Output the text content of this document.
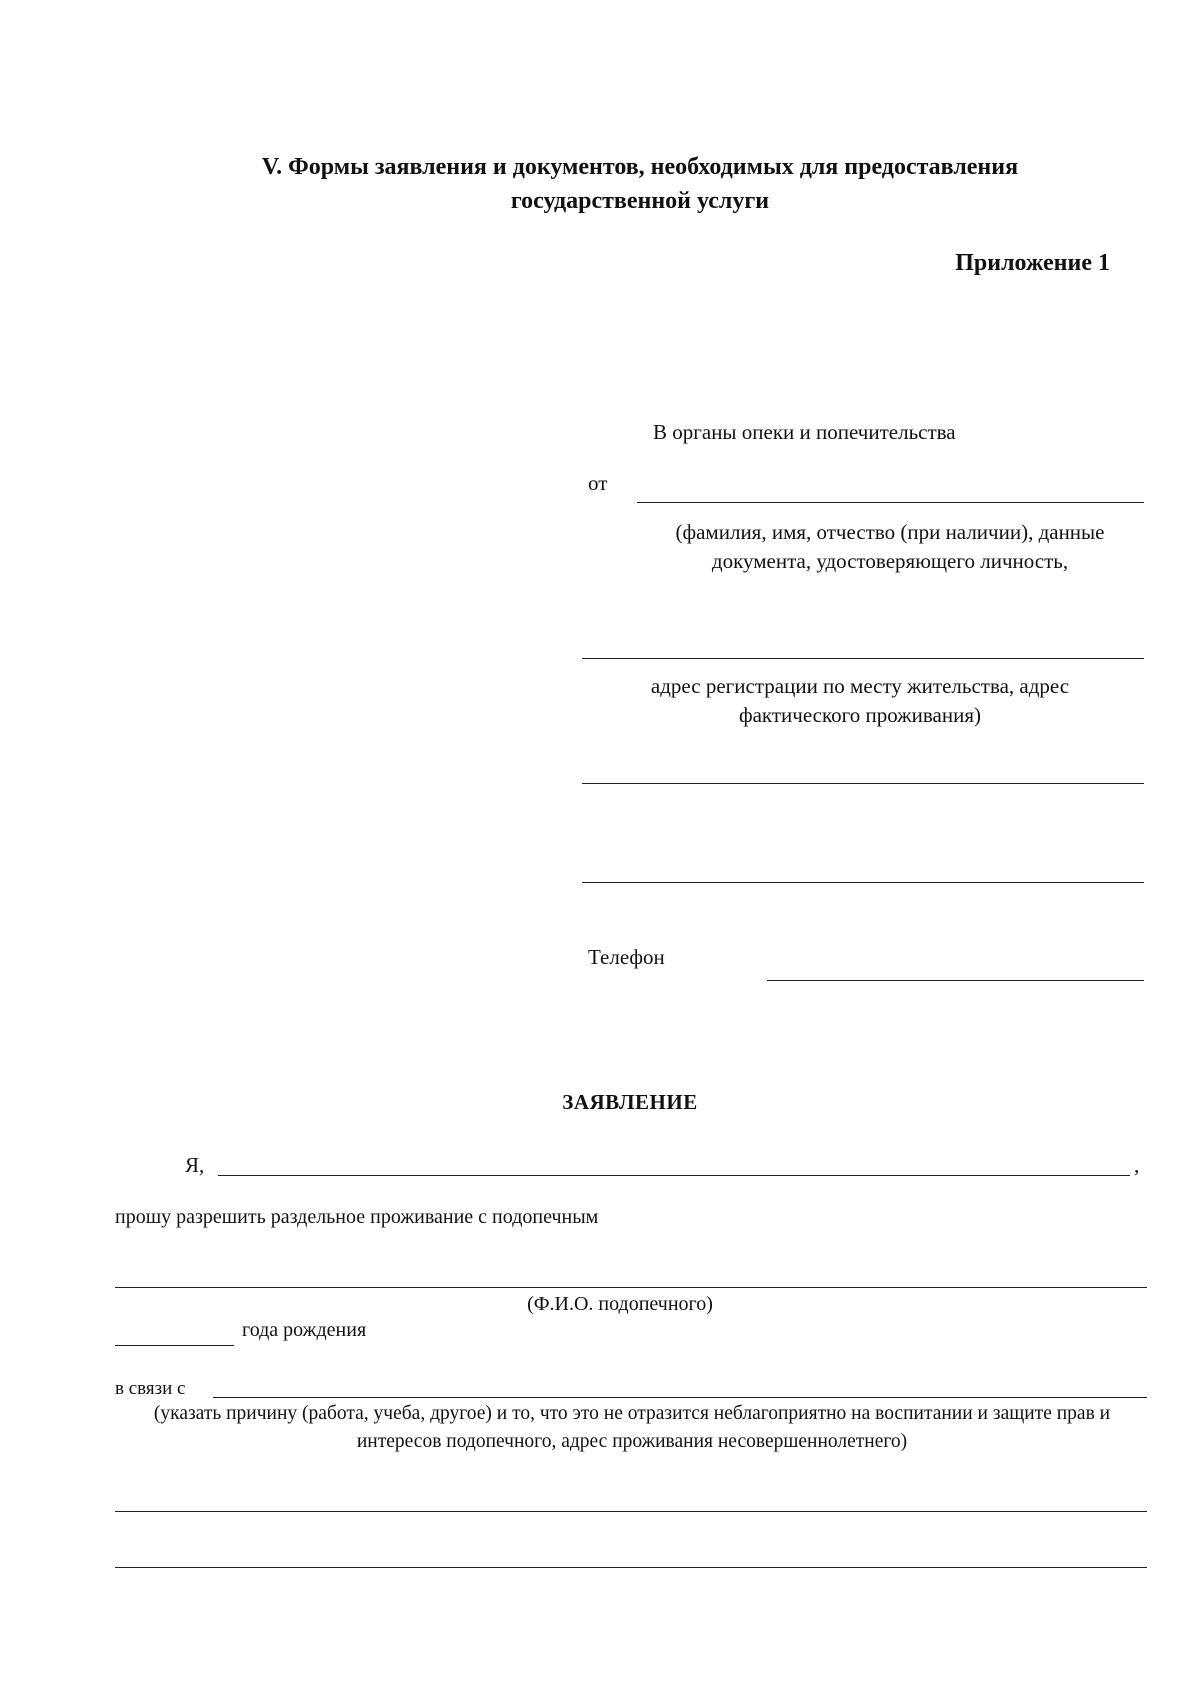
V. Формы заявления и документов, необходимых для предоставления
государственной услуги
Приложение 1
В органы опеки и попечительства
от
(фамилия, имя, отчество (при наличии), данные документа, удостоверяющего личность,
адрес регистрации по месту жительства, адрес фактического проживания)
Телефон
ЗАЯВЛЕНИЕ
Я,	,
прошу разрешить раздельное проживание с подопечным
(Ф.И.О. подопечного)
года рождения
в связи с
(указать причину (работа, учеба, другое) и то, что это не отразится неблагоприятно на воспитании и защите прав и интересов подопечного, адрес проживания несовершеннолетнего)
